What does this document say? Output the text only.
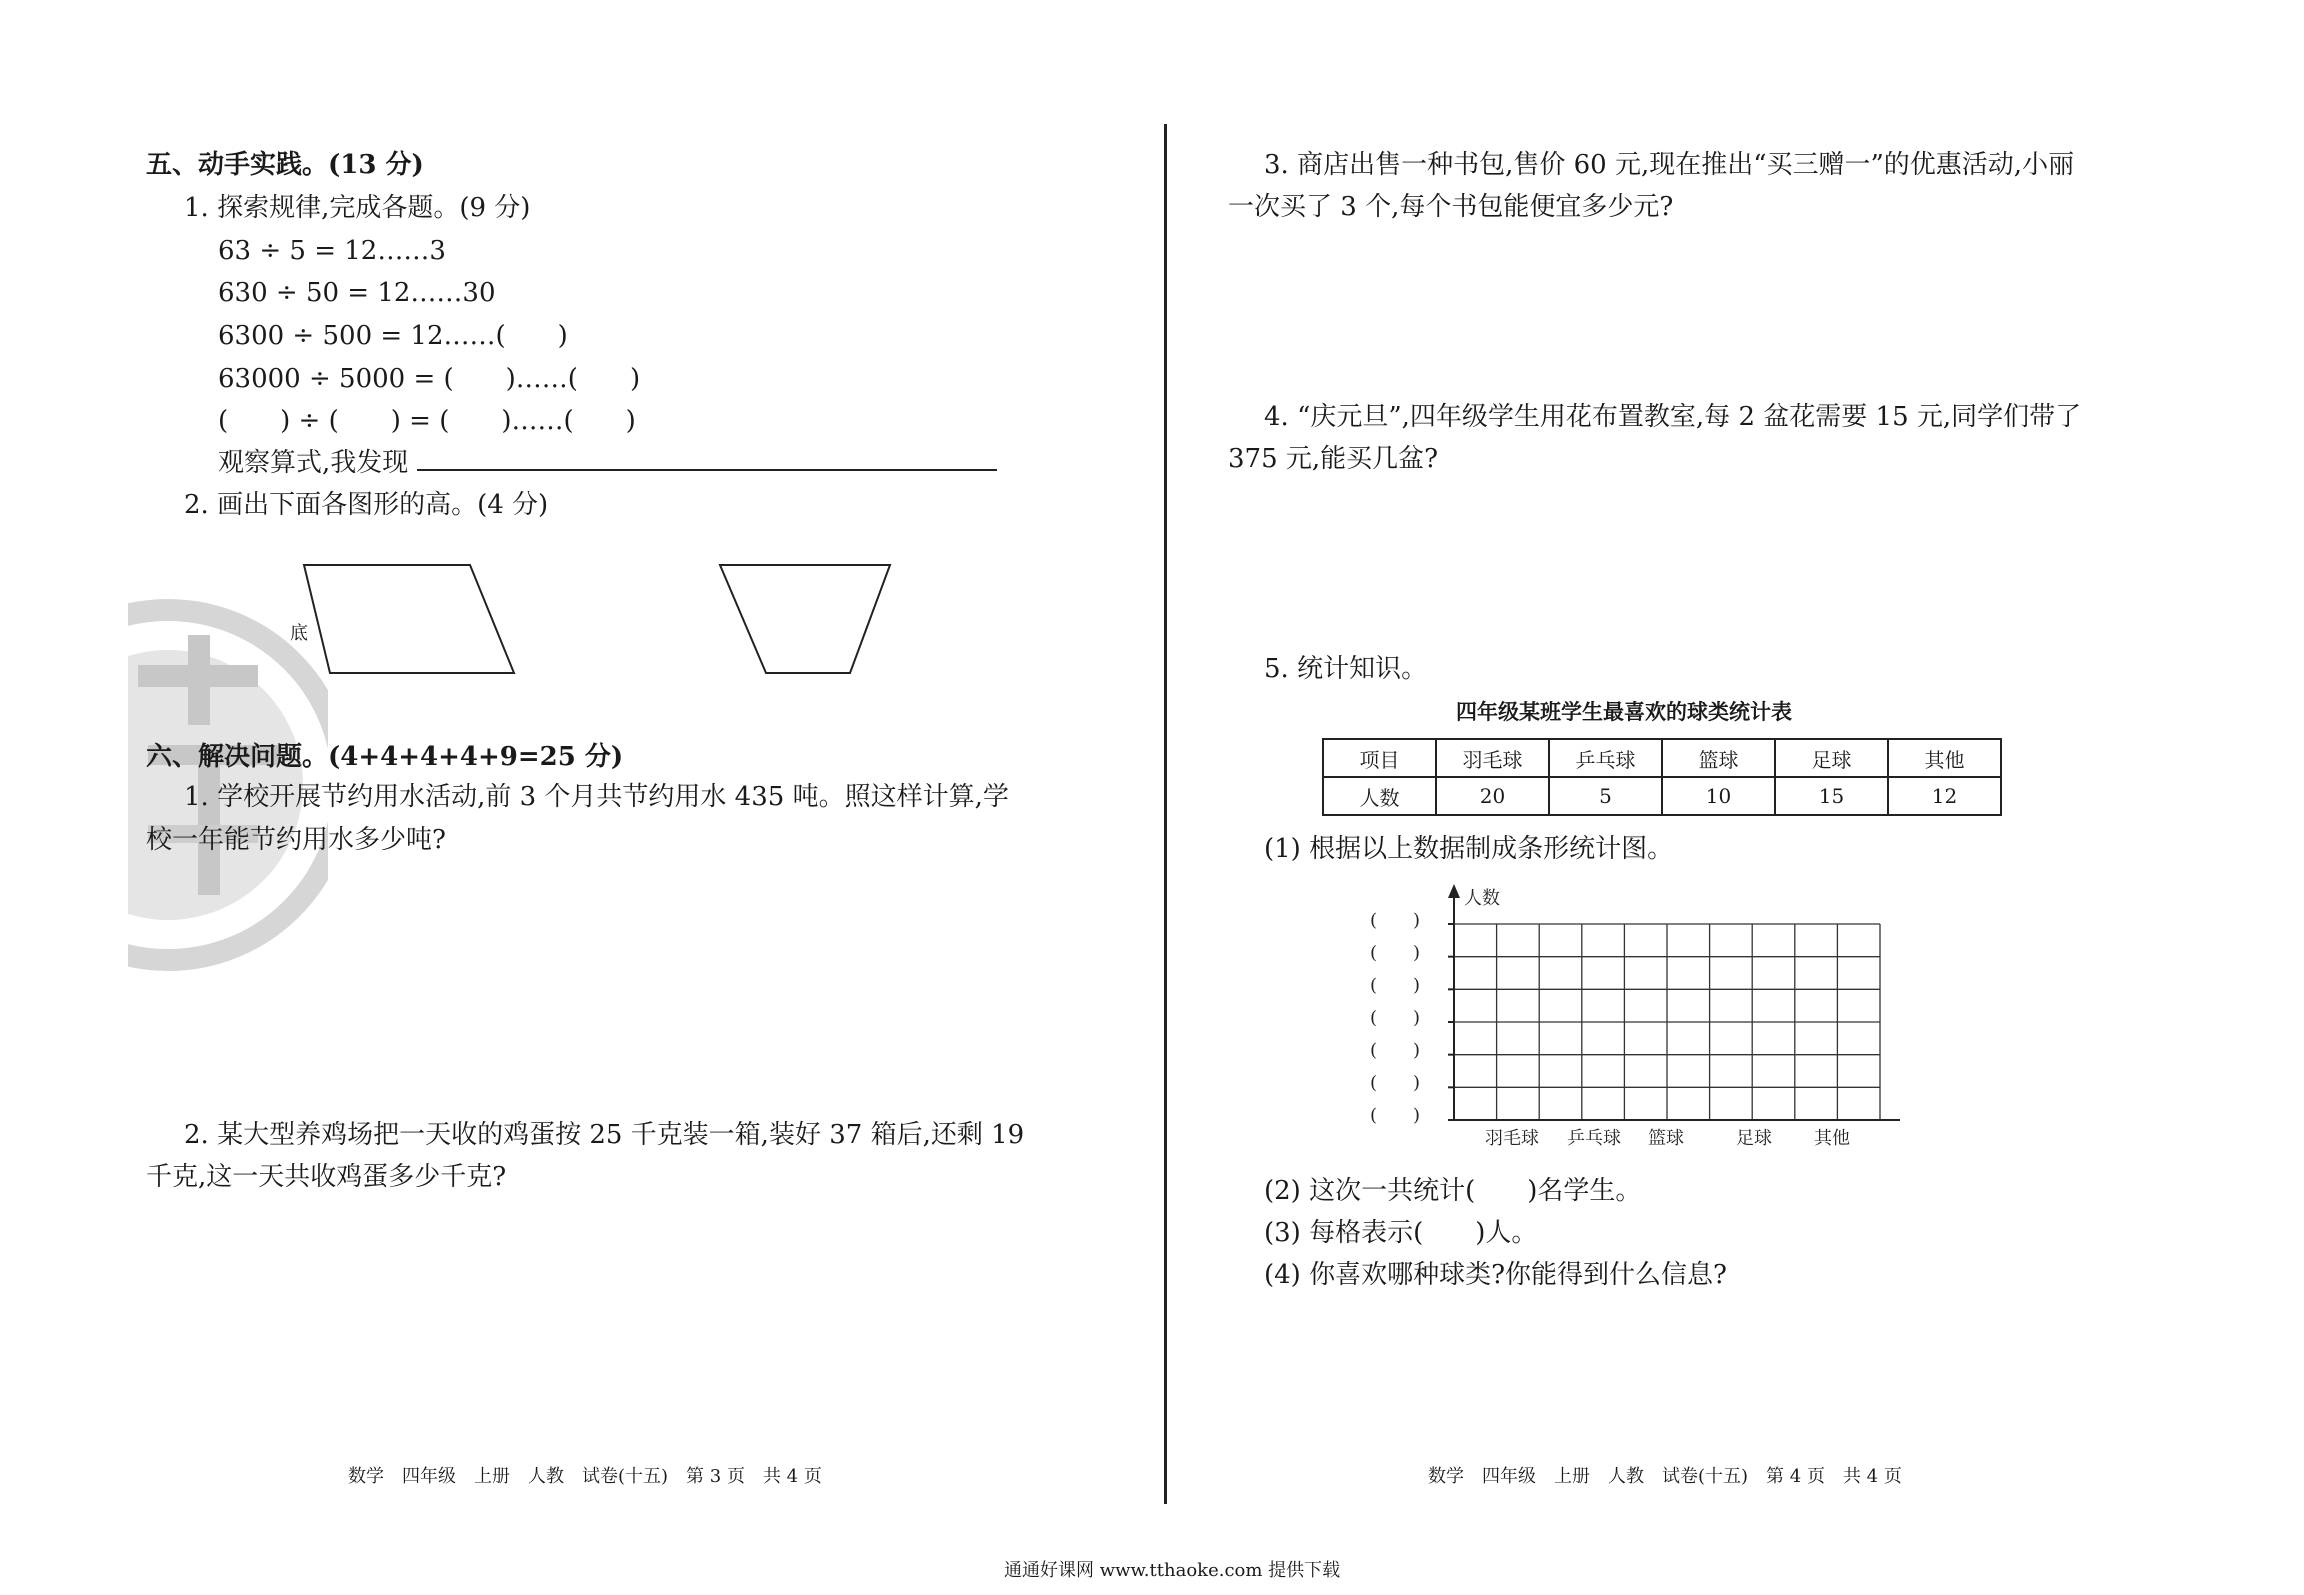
五、动手实践。(13 分)
1. 探索规律,完成各题。(9 分)
63 ÷ 5 = 12……3
630 ÷ 50 = 12……30
6300 ÷ 500 = 12……(　　)
63000 ÷ 5000 = (　　)……(　　)
(　　) ÷ (　　) = (　　)……(　　)
观察算式,我发现
2. 画出下面各图形的高。(4 分)
底
六、解决问题。(4+4+4+4+9=25 分)
1. 学校开展节约用水活动,前 3 个月共节约用水 435 吨。照这样计算,学
校一年能节约用水多少吨?
2. 某大型养鸡场把一天收的鸡蛋按 25 千克装一箱,装好 37 箱后,还剩 19
千克,这一天共收鸡蛋多少千克?
数学　四年级　上册　人教　试卷(十五)　第 3 页　共 4 页
3. 商店出售一种书包,售价 60 元,现在推出“买三赠一”的优惠活动,小丽
一次买了 3 个,每个书包能便宜多少元?
4. “庆元旦”,四年级学生用花布置教室,每 2 盆花需要 15 元,同学们带了
375 元,能买几盆?
5. 统计知识。
四年级某班学生最喜欢的球类统计表
项目	羽毛球	乒乓球	篮球	足球	其他
人数	20	5	10	15	12
(1) 根据以上数据制成条形统计图。
(　　)
(　　)
(　　)
(　　)
(　　)
(　　)
(　　)
人数
羽毛球 乒乓球 篮球	足球 其他
(2) 这次一共统计(　　)名学生。
(3) 每格表示(　　)人。
(4) 你喜欢哪种球类?你能得到什么信息?
数学　四年级　上册　人教　试卷(十五)　第 4 页　共 4 页
通通好课网 www.tthaoke.com 提供下载
